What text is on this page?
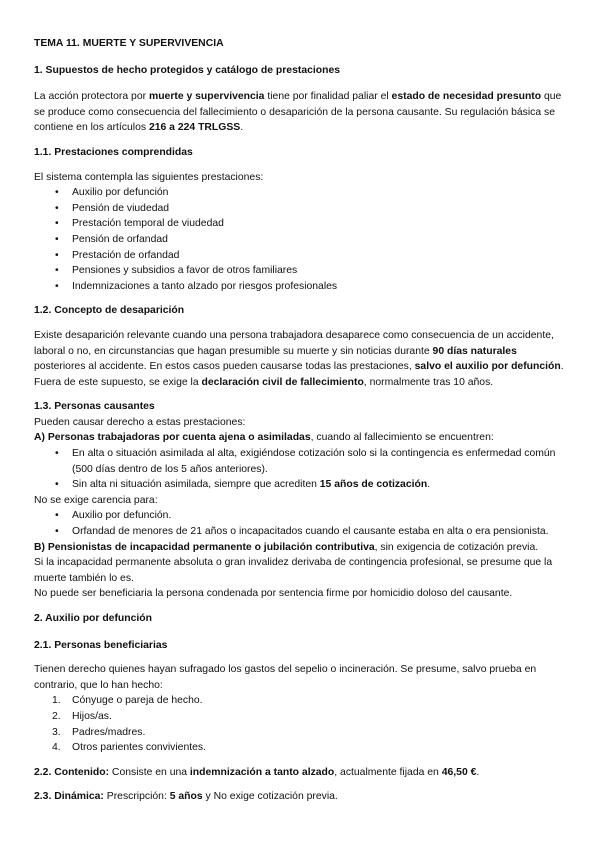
TEMA 11. MUERTE Y SUPERVIVENCIA
1. Supuestos de hecho protegidos y catálogo de prestaciones

La acción protectora por muerte y supervivencia tiene por finalidad paliar el estado de necesidad presunto que se produce como consecuencia del fallecimiento o desaparición de la persona causante. Su regulación básica se contiene en los artículos 216 a 224 TRLGSS.

1.1. Prestaciones comprendidas
El sistema contempla las siguientes prestaciones:
• Auxilio por defunción
• Pensión de viudedad
• Prestación temporal de viudedad
• Pensión de orfandad
• Prestación de orfandad
• Pensiones y subsidios a favor de otros familiares
• Indemnizaciones a tanto alzado por riesgos profesionales
1.2. Concepto de desaparición
Existe desaparición relevante cuando una persona trabajadora desaparece como consecuencia de un accidente, laboral o no, en circunstancias que hagan presumible su muerte y sin noticias durante 90 días naturales posteriores al accidente. En estos casos pueden causarse todas las prestaciones, salvo el auxilio por defunción.

Fuera de este supuesto, se exige la declaración civil de fallecimiento, normalmente tras 10 años.

1.3. Personas causantes
Pueden causar derecho a estas prestaciones:
A) Personas trabajadoras por cuenta ajena o asimiladas, cuando al fallecimiento se encuentren:
• En alta o situación asimilada al alta, exigiéndose cotización solo si la contingencia es enfermedad común (500 días dentro de los 5 años anteriores).
• Sin alta ni situación asimilada, siempre que acrediten 15 años de cotización.
No se exige carencia para:
• Auxilio por defunción.
• Orfandad de menores de 21 años o incapacitados cuando el causante estaba en alta o era pensionista.
B) Pensionistas de incapacidad permanente o jubilación contributiva, sin exigencia de cotización previa.
Si la incapacidad permanente absoluta o gran invalidez derivaba de contingencia profesional, se presume que la muerte también lo es.

No puede ser beneficiaria la persona condenada por sentencia firme por homicidio doloso del causante.

2. Auxilio por defunción
2.1. Personas beneficiarias
Tienen derecho quienes hayan sufragado los gastos del sepelio o incineración. Se presume, salvo prueba en contrario, que lo han hecho:
1. Cónyuge o pareja de hecho.
2. Hijos/as.
3. Padres/madres.
4. Otros parientes convivientes.

2.2. Contenido: Consiste en una indemnización a tanto alzado, actualmente fijada en 46,50 €.

2.3. Dinámica: Prescripción: 5 años y No exige cotización previa.
